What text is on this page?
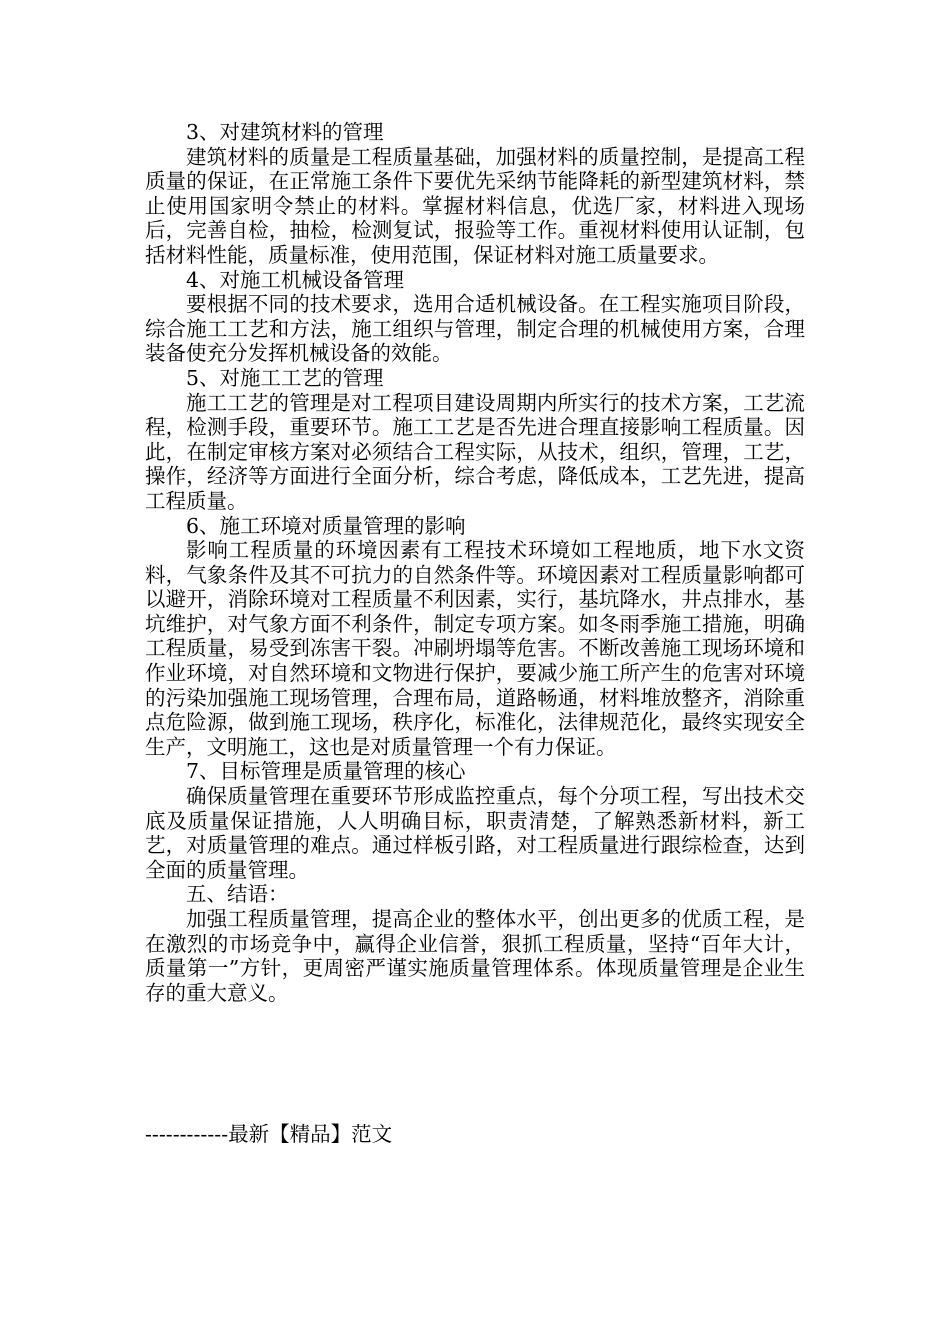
3、对建筑材料的管理

建筑材料的质量是工程质量基础，加强材料的质量控制，是提高工程质量的保证，在正常施工条件下要优先采纳节能降耗的新型建筑材料，禁止使用国家明令禁止的材料。掌握材料信息，优选厂家，材料进入现场后，完善自检，抽检，检测复试，报验等工作。重视材料使用认证制，包括材料性能，质量标准，使用范围，保证材料对施工质量要求。

4、对施工机械设备管理

要根据不同的技术要求，选用合适机械设备。在工程实施项目阶段，综合施工工艺和方法，施工组织与管理，制定合理的机械使用方案，合理装备使充分发挥机械设备的效能。

5、对施工工艺的管理

施工工艺的管理是对工程项目建设周期内所实行的技术方案，工艺流程，检测手段，重要环节。施工工艺是否先进合理直接影响工程质量。因此，在制定审核方案对必须结合工程实际，从技术，组织，管理，工艺，操作，经济等方面进行全面分析，综合考虑，降低成本，工艺先进，提高工程质量。

6、施工环境对质量管理的影响

影响工程质量的环境因素有工程技术环境如工程地质，地下水文资料，气象条件及其不可抗力的自然条件等。环境因素对工程质量影响都可以避开，消除环境对工程质量不利因素，实行，基坑降水，井点排水，基坑维护，对气象方面不利条件，制定专项方案。如冬雨季施工措施，明确工程质量，易受到冻害干裂。冲刷坍塌等危害。不断改善施工现场环境和作业环境，对自然环境和文物进行保护，要减少施工所产生的危害对环境的污染加强施工现场管理，合理布局，道路畅通，材料堆放整齐，消除重点危险源，做到施工现场，秩序化，标准化，法律规范化，最终实现安全生产，文明施工，这也是对质量管理一个有力保证。

7、目标管理是质量管理的核心

确保质量管理在重要环节形成监控重点，每个分项工程，写出技术交底及质量保证措施，人人明确目标，职责清楚，了解熟悉新材料，新工艺，对质量管理的难点。通过样板引路，对工程质量进行跟综检查，达到全面的质量管理。

五、结语：

加强工程质量管理，提高企业的整体水平，创出更多的优质工程，是在激烈的市场竞争中，赢得企业信誉，狠抓工程质量，坚持“百年大计，质量第一”方针，更周密严谨实施质量管理体系。体现质量管理是企业生存的重大意义。

------------最新【精品】范文
